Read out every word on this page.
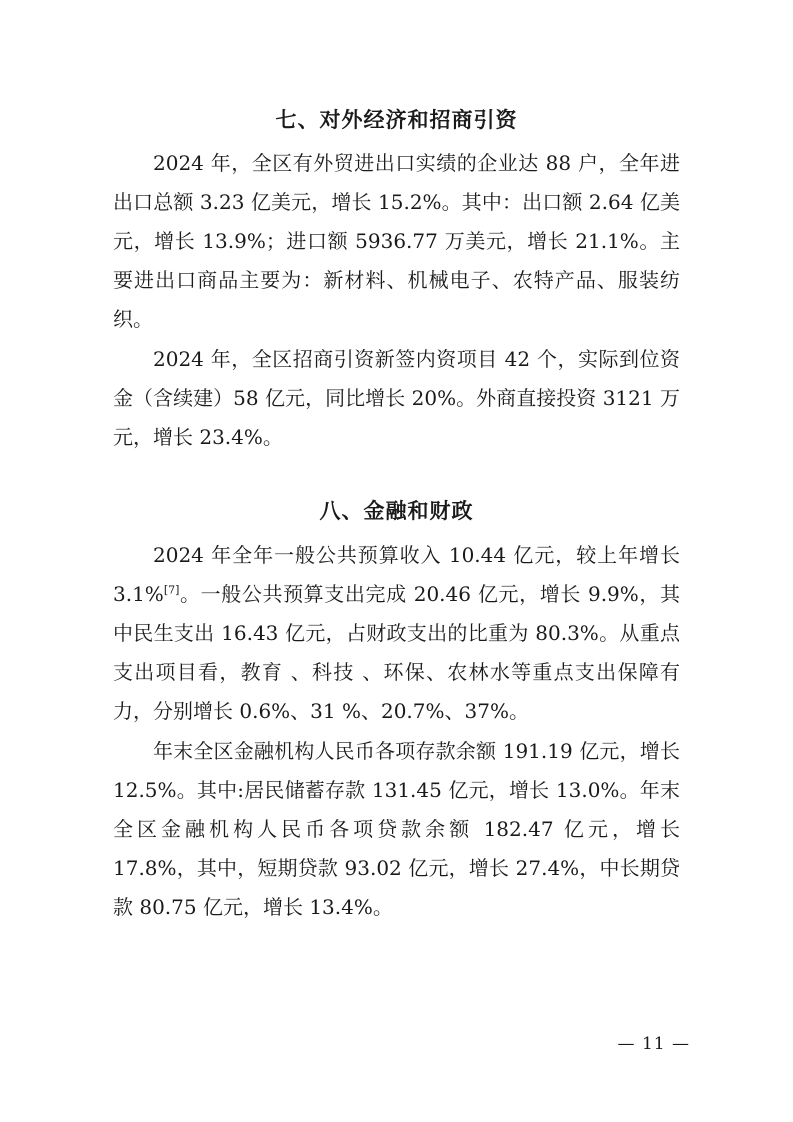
七、对外经济和招商引资

2024 年，全区有外贸进出口实绩的企业达 88 户，全年进出口总额 3.23 亿美元，增长 15.2%。其中：出口额 2.64 亿美元，增长 13.9%；进口额 5936.77 万美元，增长 21.1%。主要进出口商品主要为：新材料、机械电子、农特产品、服装纺织。

2024 年，全区招商引资新签内资项目 42 个，实际到位资金（含续建）58 亿元，同比增长 20%。外商直接投资 3121 万元，增长 23.4%。

八、金融和财政

2024 年全年一般公共预算收入 10.44 亿元，较上年增长 3.1%[7]。一般公共预算支出完成 20.46 亿元，增长 9.9%，其中民生支出 16.43 亿元，占财政支出的比重为 80.3%。从重点支出项目看，教育 、科技 、环保、农林水等重点支出保障有力，分别增长 0.6%、31 %、20.7%、37%。

年末全区金融机构人民币各项存款余额 191.19 亿元，增长 12.5%。其中:居民储蓄存款 131.45 亿元，增长 13.0%。年末全区金融机构人民币各项贷款余额 182.47 亿元，增长 17.8%，其中，短期贷款 93.02 亿元，增长 27.4%，中长期贷款 80.75 亿元，增长 13.4%。

— 11 —
